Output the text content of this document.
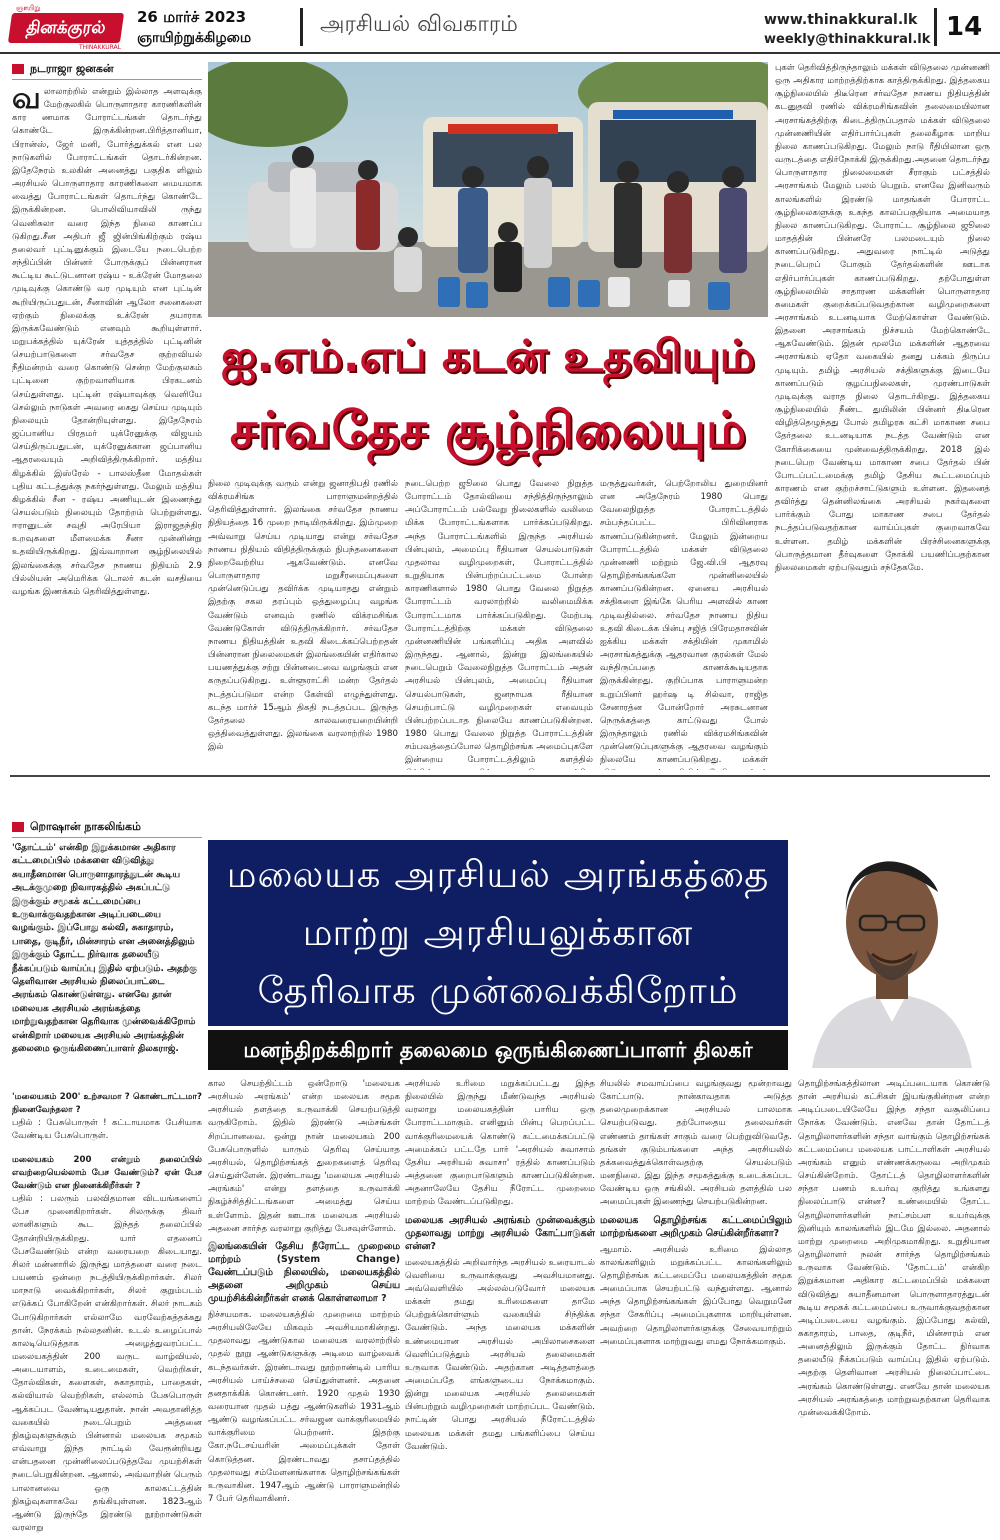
ஞாயிறு
தினக்குரல்
THINAKKURAL
26 மார்ச் 2023
ஞாயிற்றுக்கிழமை
அரசியல் விவகாரம்	www.thinakkural.lk
weekly@thinakkural.lk 14
நடராஜா ஜனகன்
வலாலாற்றில் என்றும் இல்லாத அளவுக்கு மேற்குலகில் பொருளாதார காரணிகளின் கார ணமாக போராட்டங்கள் தொடர்ந்து கொண்டே இருக்கின்றன.பிரித்தானியா, பிரான்ஸ், ஜேர் மனி, போர்த்துக்கல் என பல நாடுகளில் போராட்டங்கள் தொடர்கின்றன. இதேநேரம் உலகின் அனைத்து பகுதிக ளிலும் அரசியல் பொருளாதார காரணிகளை மையமாக வைத்து போராட்டங்கள் தொடர்ந்து கொண்டே இருக்கின்றன. பொலிவியாவிலி ருந்து வெனிசுலா வரை இந்த நிலை காணப்ப டுகிறது.சீன அதிபர் ஜீ ஜின்பிங்கிற்கும் ரஷ்ய தலைவர் புட்டினுக்கும் இடையே நடைபெற்ற சந்திப்பின் பின்னர் போருக்குப் பின்னரான கூட்டிய கூட்டுடனான ரஷ்ய - உக்ரேன் மோதலை முடிவுக்கு கொண்டு வர முடியும் என புட்டின் கூறியிருப்பதுடன், சீனாவின் ஆலோ சனைகளை ஏற்கும் நிலைக்கு உக்ரேன் தயாராக இருக்கவேண்டும் எனவும் கூறியுள்ளார். மறுபக்கத்தில் யுக்ரேன் யுத்தத்தில் புட்டினின் செயற்பாடுகளை சர்வதேச குற்றவியல் நீதிமன்றம் வரை கொண்டு சென்ற மேற்குலகம் புட்டினை குற்றவாளியாக பிரகடனம் செய்துள்ளது. புட்டின் ரஷ்யாவுக்கு வெளியே செல்லும் நாடுகள் அவரை கைது செய்ய முடியும் நிலையும் தோன்றியுள்ளது. இதேநேரம் ஜப்பானிய பிரதமர் யுக்ரேனுக்கு விஜயம் செய்திருப்பதுடன், யுக்ரேனுக்கான ஜப்பானிய ஆதரவையும் அறிவித்திருக்கிறார். மத்திய கிழக்கில் இஸ்ரேல் - பாலஸ்தீன மோதல்கள் புதிய கட்டத்துக்கு நகர்ந்துள்ளது. மேலும் மத்திய கிழக்கில் சீன - ரஷ்ய அணியுடன் இணைந்து செயல்படும் நிலையும் தோற்றம் பெற்றுள்ளது. ஈரானுடன் சவுதி அரேபியா இராஜதந்திர உறவுகளை மீளமைக்க சீனா முன்னின்று உதவியிருக்கிறது. இவ்வாறான சூழ்நிலையில் இலங்கைக்கு சர்வதேச நாணய நிதியம் 2.9 பில்லியன் அமெரிக்க டொலர் கடன் வசதியை வழங்க இணக்கம் தெரிவித்துள்ளது.
ஐ.எம்.எப் கடன் உதவியும்
சர்வதேச சூழ்நிலையும்
நிலை முடிவுக்கு வரும் என்று ஜனாதிபதி ரணில் விக்ரமசிங்க பாராளுமன்றத்தில் தெரிவித்துள்ளார். இலங்கை சர்வதேச நாணய நிதியத்தை 16 முறை நாடியிருக்கிறது. இம்முறை அவ்வாறு செய்ய முடியாது என்று சர்வதேச நாணய நிதியம் விதித்திருக்கும் நிபந்தனைகளை நிறைவேற்றிய ஆகவேண்டும். எனவே பொருளாதார மறுசீரமைப்புகளை முன்னெடுப்பது தவிர்க்க முடியாதது என்றும் இதற்கு சகல தரப்பும் ஒத்துழைப்பு வழங்க வேண்டும் எனவும் ரணில் விக்ரமசிங்க வேண்டுகோள் விடுத்திருக்கிறார். சர்வதேச நாணய நிதியத்தின் உதவி கிடைக்கப்பெற்றதன் பின்னரான நிலைமைகள் இலங்கையின் எதிர்கால பயணத்துக்கு சற்று பின்னடைவை வழங்கும் என கருதப்படுகிறது. உள்ளூராட்சி மன்ற தேர்தல் நடத்தப்படுமா என்ற கேள்வி எழுந்துள்ளது. கடந்த மார்ச் 15ஆம் திகதி நடத்தப்பட இருந்த தேர்தலை காலவரையறையின்றி ஒத்திவைத்துள்ளது. இலங்கை வரலாற்றில் 1980 இல்
நடைபெற்ற ஜூலை பொது வேலை நிறுத்த போராட்டம் தோல்வியை சந்தித்திருந்தாலும் அப்போராட்டம் பல்வேறு நிலைகளில் வலிமை மிக்க போராட்டங்களாக பார்க்கப்படுகிறது. அந்த போராட்டங்களில் இருந்த அரசியல் பின்புலம், அமைப்பு ரீதியான செயல்பாடுகள் முதலாவ வழிமுறைகள், போராட்டத்தில் உறுதியாக பின்பற்றப்பட்டமை போன்ற காரணிகளால் 1980 பொது வேலை நிறுத்த போராட்டம் வரலாற்றில் வலிமைமிக்க போராட்டமாக பார்க்கப்படுகிறது. மேற்படி போராட்டத்திற்கு மக்கள் விடுதலை முன்னணியின் பங்களிப்பு அதிக அளவில் இருந்தது. ஆனால், இன்று இலங்கையில் நடைபெறும் வேலைநிறுத்த போராட்டம் அதன் அரசியல் பின்புலம், அமைப்பு ரீதியான செயல்பாடுகள், ஜனநாயக ரீதியான செயற்பாட்டு வழிமுறைகள் எவையும் பின்பற்றப்படாத நிலையே காணப்படுகின்றன. 1980 பொது வேலை நிறுத்த போராட்டத்தின் சம்பவத்தைப்போல தொழிற்சங்க அமைப்புகளே இன்றைய போராட்டத்திலும் களத்தில்
மருத்துவர்கள், பெற்றோலிய துறையினர் என அதேநேரம் 1980 பொது வேலைநிறுத்த போராட்டத்தில் சம்பந்தப்பட்ட பிரிவினராக காணப்படுகின்றனர். மேலும் இன்றைய போராட்டத்தில் மக்கள் விடுதலை முன்னணி மற்றும் ஜே.வி.பி ஆதரவு தொழிற்சங்கங்களே முன்னிலையில் காணப்படுகின்றன. ஏனைய அரசியல் சக்திகளை இங்கே பெரிய அளவில் காண முடிவதில்லை. சர்வதேச நாணய நிதிய உதவி கிடைக்க பின்பு சஜித் பிரேமதாசவின் ஐக்கிய மக்கள் சக்தியின் முகாமில் அரசாங்கத்துக்கு ஆதரவான குரல்கள் மேல் வந்திருப்பதை காணக்கூடியதாக இருக்கின்றது. குறிப்பாக பாராளுமன்ற உறுப்பினர் ஹர்ஷ டி சில்வா, ராஜித சேனாரத்ன போன்றோர் அரசுடனான நெருக்கத்தை காட்டுவது போல் இருந்தாலும் ரணில் விக்ரமசிங்கவின் முன்னெடுப்புகளுக்கு ஆதரவை வழங்கும் நிலையே காணப்படுகிறது. மக்கள்
புகள் தெரிவித்திருந்தாலும் மக்கள் விடுதலை முன்னணி ஒரு அதிகார மாற்றத்திற்காக காத்திருக்கிறது. இத்தகைய சூழ்நிலையில் திடீரென சர்வதேச நாணய நிதியத்தின் கடனுதவி ரணில் விக்ரமசிங்கவின் தலைமையிலான அரசாங்கத்திற்கு கிடைத்திருப்பதால் மக்கள் விடுதலை முன்னணியின் எதிர்பார்ப்புகள் தலைகீழாக மாறிய நிலை காணப்படுகிறது. மேலும் நாடு ரீதியிலான ஒரு வருடத்தை எதிர்நோக்கி இருக்கிறது.அதனை தொடர்ந்து பொருளாதார நிலைமைகள் சீராகும் பட்சத்தில் அரசாங்கம் மேலும் பலம் பெறும். எனவே இனிவரும் காலங்களில் இரண்டு மாதங்கள் போராட்ட சூழ்நிலைகளுக்கு உகந்த காலப்பகுதியாக அமையாத நிலை காணப்படுகிறது. போராட்ட சூழ்நிலை ஜூலை மாதத்தின் பின்னரே பலமடையும் நிலை காணப்படுகிறது. அதுவரை நாட்டில் அடுத்து நடைபெறப் போகும் தேர்தல்களின் ஊடாக எதிர்பார்ப்புகள் காணப்படுகிறது. தற்போதுள்ள சூழ்நிலையில் சாதாரண மக்களின் பொருளாதார சுமைகள் குறைக்கப்படுவதற்கான வழிமுறைகளை அரசாங்கம் உடனடியாக மேற்கொள்ள வேண்டும். இதனை அரசாங்கம் நிச்சயம் மேற்கொண்டே ஆகவேண்டும். இதன் மூலமே மக்களின் ஆதரவை அரசாங்கம் ஏதோ வகையில் தனது பக்கம் திருப்ப முடியும். தமிழ் அரசியல் சக்திகளுக்கு இடையே காணப்படும் குழப்பநிலைகள், முரண்பாடுகள் முடிவுக்கு வராத நிலை தொடர்கிறது. இத்தகைய சூழ்நிலையில் நீண்ட துயிலின் பின்னர் திடீரென விழித்தெழுந்தது போல் தமிழரசு கட்சி மாகாண சபை தேர்தலை உடனடியாக நடத்த வேண்டும் என கோரிக்கையை முன்வைத்திருக்கிறது. 2018 இல் நடைபெற வேண்டிய மாகாண சபை தேர்தல் பின் போடப்பட்டமைக்கு தமிழ் தேசிய கூட்டமைப்பும் காரணம் என குற்றச்சாட்டுகளும் உள்ளன. இதனைத் தவிர்த்து தென்னிலங்கை அரசியல் நகர்வுகளை பார்க்கும் போது மாகாண சபை தேர்தல் நடத்தப்படுவதற்கான வாய்ப்புகள் குறைவாகவே உள்ளன. தமிழ் மக்களின் பிரச்சினைகளுக்கு பொருத்தமான தீர்வுகளை நோக்கி பயணிப்பதற்கான நிலைமைகள் ஏற்படுவதும் சந்தேகமே.
றொஷான் நாகலிங்கம்
'தோட்டம்' என்கிற இறுக்கமான அதிகார கட்டமைப்பில் மக்களை விடுவித்து சுயாதீனமான பொருளாதாரத்துடன் கூடிய அடக்குமுறை நிவாரகத்தில் அகப்பட்டு இருக்கும் சமூகக் கட்டமைப்பை உருவாக்குவதற்கான அடிப்படையை வழங்கும். இப்போது கல்வி, சுகாதாரம், பாதை, குடிநீர், மின்சாரம் என அனைத்திலும் இருக்கும் தோட்ட நிர்வாக தலையீடு நீக்கப்படும் வாய்ப்பு இதில் ஏற்படும். அதற்கு தெளிவான அரசியல் நிலைப்பாட்டை அரங்கம் கொண்டுள்ளது. எனவே தான் மலையக அரசியல் அரங்கத்தை மாற்றுவதற்கான தெரிவாக முன்வைக்கிறோம் என்கிறார் மலையக அரசியல் அரங்கத்தின் தலைமை ஒருங்கிணைப்பாளர் திலகராஜ்.
மலையக அரசியல் அரங்கத்தை
மாற்று அரசியலுக்கான
தேரிவாக முன்வைக்கிறோம்
மனந்திறக்கிறார் தலைமை ஒருங்கிணைப்பாளர் திலகர்
'மலையகம் 200' உற்சவமா ? கொண்டாட்டமா? நினைவேந்தலா ?
பதில் : பேசுபொருள் ! கட்டாயமாக பேசியாக வேண்டிய பேசுபொருள்.
மலையகம் 200 என்றும் தலைப்பில் எவற்றையெல்லாம் பேச வேண்டும்? ஏன் பேச வேண்டும் என நினைக்கிறீர்கள் ?
பதில் : பலரும் பலவிதமான விடயங்களைப் பேச முனைகிறார்கள். சிலருக்கு திவர் லானிகளும் கூட இந்தத் தலைப்பில் தோன்றியிருக்கிறது. யார் எதனைப் பேசவேண்டும் என்ற வரையறை கிடையாது. சிலர் மன்னாரில் இருந்து மாத்தளை வரை நடை பயணம் ஒன்றை நடத்தியிருக்கிறார்கள். சிலர் மாநாடு வைக்கிறார்கள், சிலர் குறும்படம் எடுக்கப் போகிறேன் என்கிறார்கள். சிலர் நாடகம் போடுகிறார்கள் எல்லாமே வரவேற்கத்தக்கது தான். நேரக்கம் நல்லதனின். உடல் உழைப்பால் காலடியெடுத்தாக அழைத்துவரப்பட்ட மலையகத்தின் 200 வருட வாழ்வியல், அடையாளம், உடைமைகள், வெற்றிகள், தோல்விகள், களைகள், சுகாதாரம், பாதைகள், கல்வியால் வெற்றிகள், எல்லாம் பேசுபொருள் ஆக்கப்பட வேண்டியதுதான். நான் அவதானித்த வகையில் நடைபெறும் அத்தனை நிகழ்வுகளுக்கும் பின்னால் மலையக சமூகம் எவ்வாறு இந்த நாட்டில் வேரூன்றியது என்பதனை முன்னிலைப்படுத்தவே முயற்சிகள் நடைபெறுகின்றன. ஆனால், அவ்வாறின் பெரும் பாலானவை ஒரு காலகட்டத்தின் நிகழ்வுகளாகவே தங்கியுள்ளன. 1823ஆம் ஆண்டு இருந்தே இரண்டு நூற்றாண்டுகள் வரலாறு
கால செயற்திட்டம் ஒன்றோடு 'மலையக அரசியல் அரங்கம்' என்ற மலையக சமூக அரசியல் தளத்தை உருவாக்கி செயற்படுத்தி வருகிறோம். இதில் இரண்டு அம்சங்கள் சிறப்பானவை. ஒன்று நான் மலையகம் 200 பேசுபொருளில் யாரும் தெரிவு செய்யாத அரசியல், தொழிற்சங்கத் துறைகளைத் தெரிவு செய்துள்ளேன். இரண்டாவது 'மலையக அரசியல் அரங்கம்' என்று தளத்தை உருவாக்கி நிகழ்ச்சித்திட்டங்களை அமைத்து செய்ய உள்ளோம். இதன் ஊடாக மலையக அரசியல் அதனை சார்ந்த வரலாறு குறித்து பேசவுள்ளோம்.
இலங்கையின் தேசிய நீரோட்ட முறைமை மாற்றம் (System Change) வேண்டப்படும் நிலையில், மலையகத்தில் அதனை அறிமுகம் செய்ய முயற்சிக்கின்றீர்கள் எனக் கொள்ளலாமா ?
நிச்சயமாக. மலையகத்தில் முறைமை மாற்றம் அரசியலிலேயே மிகவும் அவசியமாகின்றது. முதலாவது ஆண்டுகால மலையக வரலாற்றில் முதல் நூறு ஆண்டுகளுக்கு அடிமை வாழ்வைக் கடந்தவர்கள். இரண்டாவது நூற்றாண்டில் பாரிய அரசியல் பாய்ச்சலை செய்துள்ளனர். அதனை தனதாக்கிக் கொண்டனர். 1920 முதல் 1930 வரையான முதல் பத்து ஆண்டுகளில் 1931ஆம் ஆண்டு வழங்கப்பட்ட சர்வஜன வாக்குரிமையில் வாக்குரிமை பெற்றனர். இதற்கு கோ.நடேசய்யரின் அமைப்புக்கள் தோள் கொடுத்தன. இரண்டாவது தசாப்தத்தில் முதலாவது சம்மேளனங்களாக தொழிற்சங்கங்கள் உருவாகின. 1947ஆம் ஆண்டு பாராளுமன்றில் 7 பேர் தெரிவாகினர்.
அரசியல் உரிமை மறுக்கப்பட்டது இந்த நிலையில் இருந்து மீண்டுவந்த அரசியல் வரலாறு மலையகத்தின் பாரிய ஒரு போராட்டமாகும். எனினும் பின்பு பெறப்பட்ட வாக்குரிமையைக் கொண்டு கட்டமைக்கப்பட்டு அமைக்கப் பட்டதே பார் 'அரசியல் சுவாசாம் தேசிய அரசியல் சுவாசா' ரத்தில் காணப்படும் அத்தனை குறைபாடுகளும் காணப்படுகின்றன. அதனாலேயே தேசிய நீரோட்ட முறைமை மாற்றம் வேண்டப்படுகிறது.
மலையக அரசியல் அரங்கம் முன்வைக்கும் முதலாவது மாற்று அரசியல் கோட்பாடுகள் என்ன?
மலையகத்தில் அறிவார்ந்த அரசியல் உரையாடல் வெளியை உருவாக்குவது அவசியமானது. அவ்வெளியில் அல்லல்படுவோர் மலையக மக்கள் தமது உரிமைகளை தாமே பெற்றுக்கொள்ளும் வகையில் சிந்திக்க வேண்டும். அந்த மலையக மக்களின் உண்மையான அரசியல் அபிலாசைகளை வெளிப்படுத்தும் அரசியல் தலைமைகள் உருவாக வேண்டும். அதற்கான அடித்தளத்தை அமைப்பதே எங்களுடைய நோக்கமாகும். இன்று மலையக அரசியல் தலைமைகள் பின்பற்றும் வழிமுறைகள் மாற்றப்பட வேண்டும். நாட்டின் பொது அரசியல் நீரோட்டத்தில் மலையக மக்கள் தமது பங்களிப்பை செய்ய வேண்டும்.
சியலில் சமவாய்ப்பை வழங்குவது மூன்றாவது கோட்பாடு. நான்காவதாக அடுத்த தலைமுறைக்கான அரசியல் பாலமாக செயற்படுவது. தற்போதைய தலைவர்கள் எண்ணம் தாங்கள் சாகும் வரை பெற்றுவிடுவதே. தங்கள் குடும்பங்களை அந்த அரசியலில் தக்கவைத்துக்கொள்வதற்கு செயல்படும் மனநிலை. இது இந்த சமூகத்துக்கு உடைக்கப்பட வேண்டிய ஒரு சங்கிலி. அரசியல் தளத்தில் பல அமைப்புகள் இணைந்து செயற்படுகின்றன.
மலையக தொழிற்சங்க கட்டமைப்பிலும் மாற்றங்களை அறிமுகம் செய்கின்றீர்களா?
ஆமாம். அரசியல் உரிமை இல்லாத காலங்களிலும் மறுக்கப்பட்ட காலங்களிலும் தொழிற்சங்க கட்டமைப்பே மலையகத்தின் சமூக அமைப்பாக செயற்பட்டு வந்துள்ளது. ஆனால் அந்த தொழிற்சங்கங்கள் இப்போது வெறுமனே சந்தா சேகரிப்பு அமைப்புகளாக மாறியுள்ளன. அவற்றை தொழிலாளர்களுக்கு சேவையாற்றும் அமைப்புகளாக மாற்றுவது எமது நோக்கமாகும்.
தொழிற்சங்கத்திலான அடிப்படையாக கொண்டு தான் அரசியல் கட்சிகள் இயங்குகின்றன என்ற அடிப்படையிலேயே இந்த சந்தா வசூலிப்பை நோக்க வேண்டும். எனவே தான் தோட்டத் தொழிலாளர்களின் சந்தா வாங்கும் தொழிற்சங்கக் கட்டமைப்பை மலையக பாட்டாளிகள் அரசியல் அரங்கம் எனும் எண்ணக்கருவை அறிமுகம் செய்கின்றோம். தோட்டத் தொழிலாளர்களின் சந்தா பணம் உயர்வு குறித்து உங்களது நிலைப்பாடு என்ன? உண்மையில் தோட்ட தொழிலாளர்களின் நாட்சம்பள உயர்வுக்கு இனியும் காலங்களில் இடமே இல்லை. அதனால் மாற்று முறைமை அறிமுகமாகிறது. உறுதியான தொழிலாளர் நலன் சார்ந்த தொழிற்சங்கம் உருவாக வேண்டும். 'தோட்டம்' என்கிற இறுக்கமான அதிகார கட்டமைப்பில் மக்களை விடுவித்து சுயாதீனமான பொருளாதாரத்துடன் கூடிய சமூகக் கட்டமைப்பை உருவாக்குவதற்கான அடிப்படையை வழங்கும். இப்போது கல்வி, சுகாதாரம், பாதை, குடிநீர், மின்சாரம் என அனைத்திலும் இருக்கும் தோட்ட நிர்வாக தலையீடு நீக்கப்படும் வாய்ப்பு இதில் ஏற்படும். அதற்கு தெளிவான அரசியல் நிலைப்பாட்டை அரங்கம் கொண்டுள்ளது. எனவே தான் மலையக அரசியல் அரங்கத்தை மாற்றுவதற்கான தெரிவாக முன்வைக்கிறோம்.
